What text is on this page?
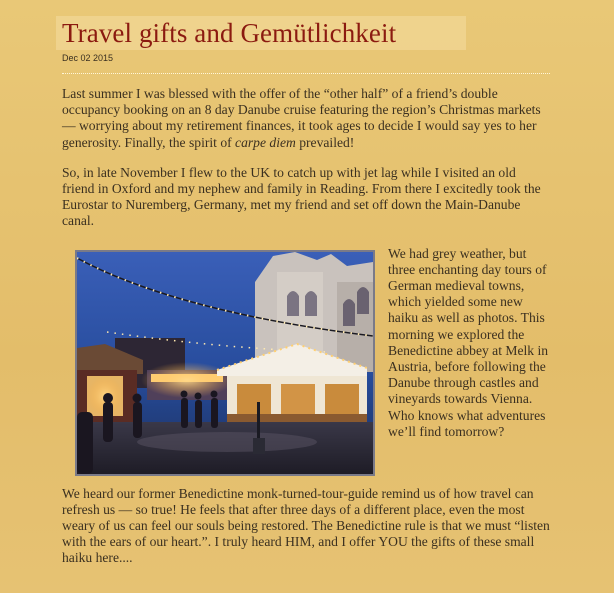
Travel gifts and Gemütlichkeit
Dec 02 2015

Last summer I was blessed with the offer of the “other half” of a friend’s double occupancy booking on an 8 day Danube cruise featuring the region’s Christmas markets — worrying about my retirement finances, it took ages to decide I would say yes to her generosity. Finally, the spirit of carpe diem prevailed!

So, in late November I flew to the UK to catch up with jet lag while I visited an old friend in Oxford and my nephew and family in Reading. From there I excitedly took the Eurostar to Nuremberg, Germany, met my friend and set off down the Main-Danube canal.

We had grey weather, but three enchanting day tours of German medieval towns, which yielded some new haiku as well as photos. This morning we explored the Benedictine abbey at Melk in Austria, before following the Danube through castles and vineyards towards Vienna. Who knows what adventures we’ll find tomorrow?

We heard our former Benedictine monk-turned-tour-guide remind us of how travel can refresh us — so true! He feels that after three days of a different place, even the most weary of us can feel our souls being restored. The Benedictine rule is that we must “listen with the ears of our heart.”. I truly heard HIM, and I offer YOU the gifts of these small haiku here....
